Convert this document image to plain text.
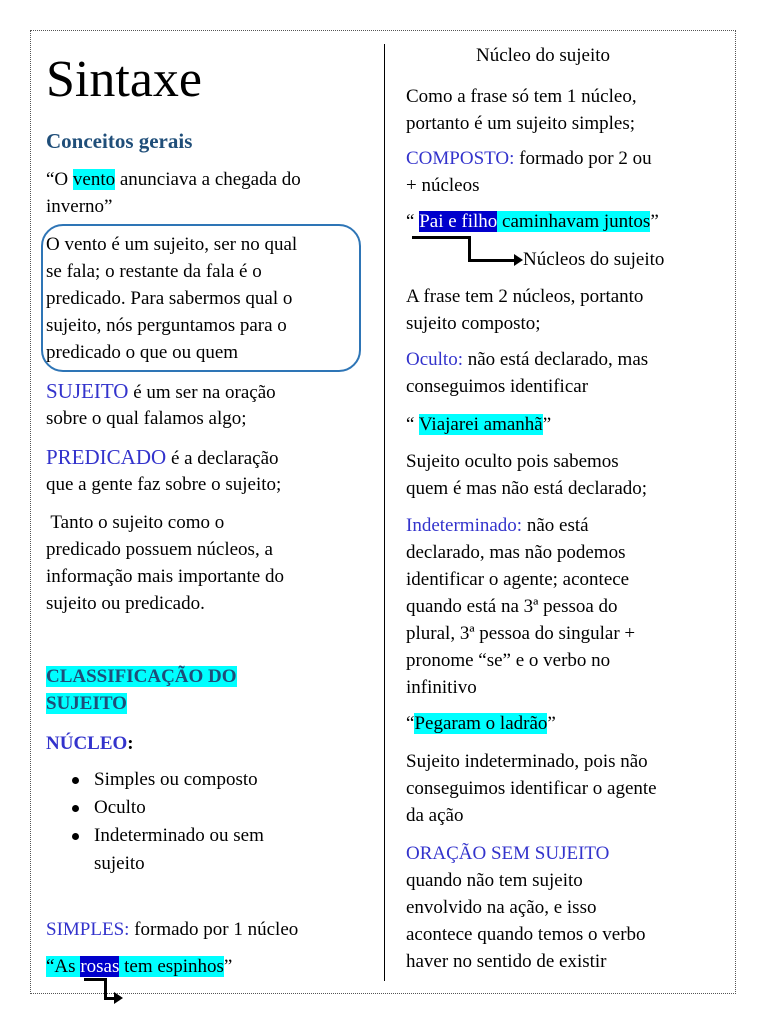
Sintaxe
Conceitos gerais
“O vento anunciava a chegada do
inverno”
O vento é um sujeito, ser no qual
se fala; o restante da fala é o
predicado. Para sabermos qual o
sujeito, nós perguntamos para o
predicado o que ou quem
SUJEITO é um ser na oração
sobre o qual falamos algo;
PREDICADO é a declaração
que a gente faz sobre o sujeito;
Tanto o sujeito como o
predicado possuem núcleos, a
informação mais importante do
sujeito ou predicado.
CLASSIFICAÇÃO DO
SUJEITO
NÚCLEO:
Simples ou composto
Oculto
Indeterminado ou sem
sujeito
SIMPLES: formado por 1 núcleo
“As rosas tem espinhos”
Núcleo do sujeito
Como a frase só tem 1 núcleo,
portanto é um sujeito simples;
COMPOSTO: formado por 2 ou
+ núcleos
“ Pai e filho caminhavam juntos”
Núcleos do sujeito
A frase tem 2 núcleos, portanto
sujeito composto;
Oculto: não está declarado, mas
conseguimos identificar
“ Viajarei amanhã”
Sujeito oculto pois sabemos
quem é mas não está declarado;
Indeterminado: não está
declarado, mas não podemos
identificar o agente; acontece
quando está na 3ª pessoa do
plural, 3ª pessoa do singular +
pronome “se” e o verbo no
infinitivo
“Pegaram o ladrão”
Sujeito indeterminado, pois não
conseguimos identificar o agente
da ação
ORAÇÃO SEM SUJEITO
quando não tem sujeito
envolvido na ação, e isso
acontece quando temos o verbo
haver no sentido de existir
